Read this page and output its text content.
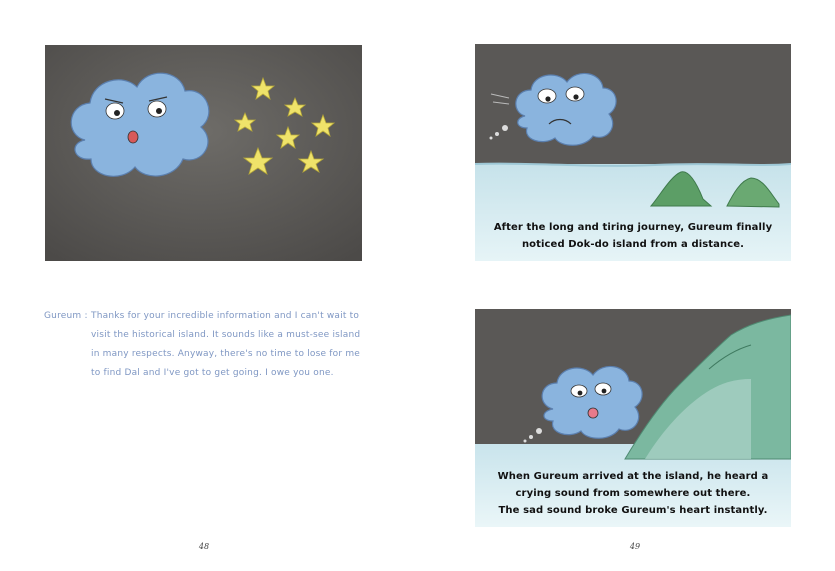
Gureum : Thanks for your incredible information and I can't wait to visit the historical island. It sounds like a must-see island in many respects. Anyway, there's no time to lose for me to find Dal and I've got to get going. I owe you one.
48
After the long and tiring journey, Gureum finally
noticed Dok-do island from a distance.
When Gureum arrived at the island, he heard a
crying sound from somewhere out there.
The sad sound broke Gureum's heart instantly.
49
